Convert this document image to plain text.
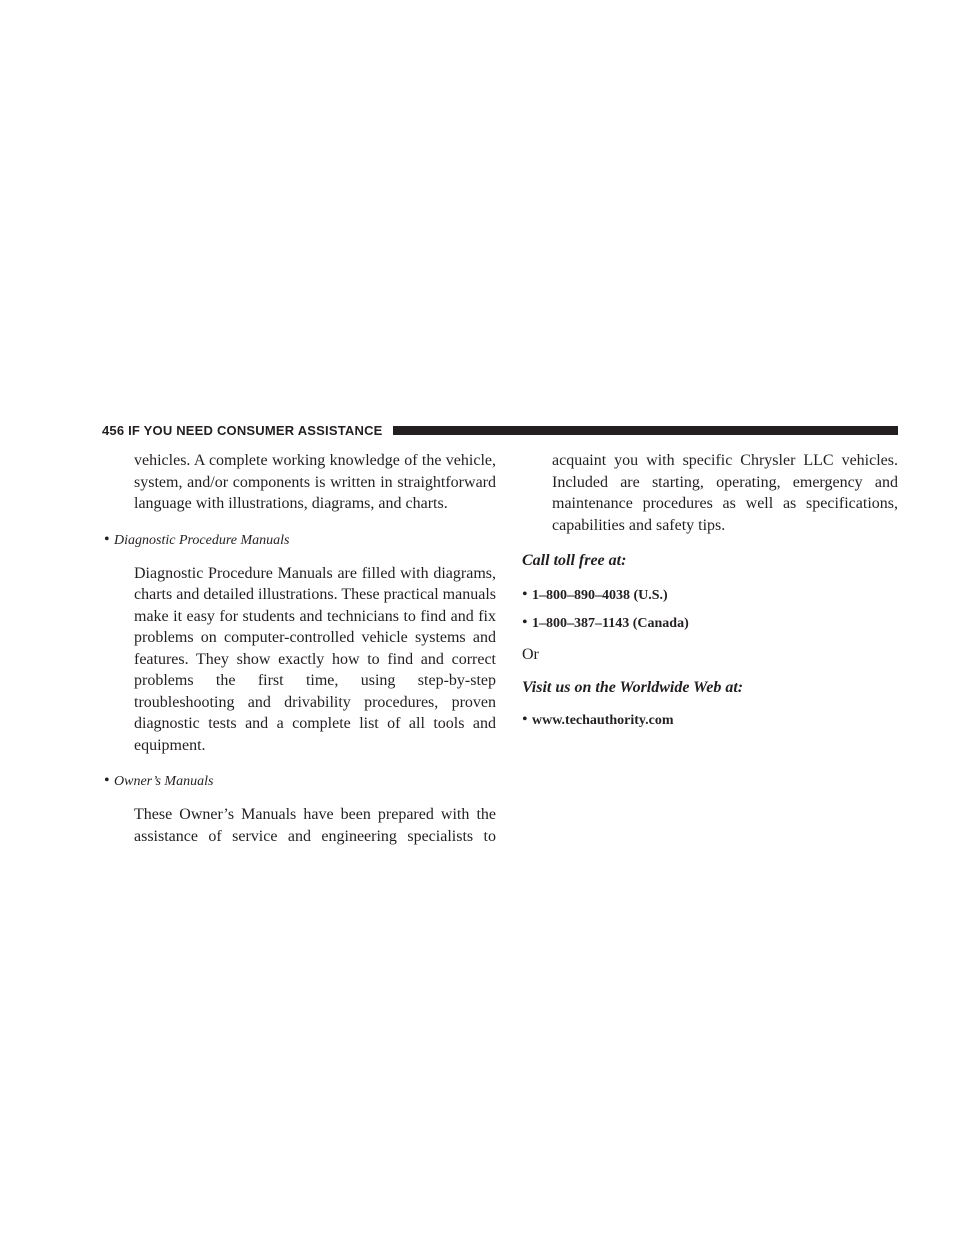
456 IF YOU NEED CONSUMER ASSISTANCE

vehicles. A complete working knowledge of the vehicle, system, and/or components is written in straightforward language with illustrations, diagrams, and charts.

• Diagnostic Procedure Manuals

Diagnostic Procedure Manuals are filled with diagrams, charts and detailed illustrations. These practical manuals make it easy for students and technicians to find and fix problems on computer-controlled vehicle systems and features. They show exactly how to find and correct problems the first time, using step-by-step troubleshooting and drivability procedures, proven diagnostic tests and a complete list of all tools and equipment.

• Owner’s Manuals

These Owner’s Manuals have been prepared with the assistance of service and engineering specialists to

acquaint you with specific Chrysler LLC vehicles. Included are starting, operating, emergency and maintenance procedures as well as specifications, capabilities and safety tips.

Call toll free at:

• 1–800–890–4038 (U.S.)
• 1–800–387–1143 (Canada)

Or

Visit us on the Worldwide Web at:

• www.techauthority.com
